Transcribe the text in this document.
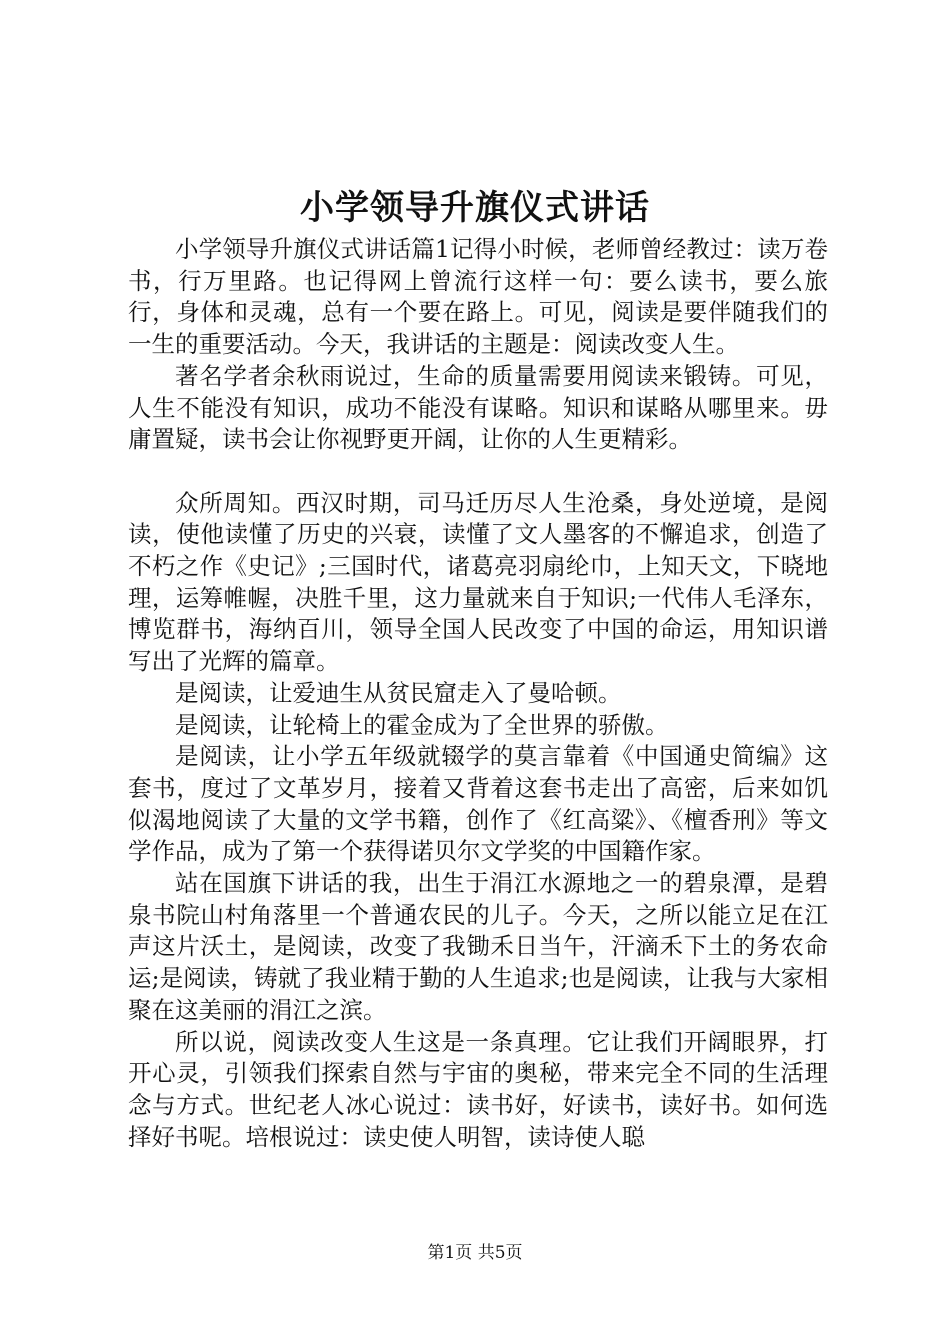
小学领导升旗仪式讲话

小学领导升旗仪式讲话篇1记得小时候，老师曾经教过：读万卷书，行万里路。也记得网上曾流行这样一句：要么读书，要么旅行，身体和灵魂，总有一个要在路上。可见，阅读是要伴随我们的一生的重要活动。今天，我讲话的主题是：阅读改变人生。

著名学者余秋雨说过，生命的质量需要用阅读来锻铸。可见，人生不能没有知识，成功不能没有谋略。知识和谋略从哪里来。毋庸置疑，读书会让你视野更开阔，让你的人生更精彩。

众所周知。西汉时期，司马迁历尽人生沧桑，身处逆境，是阅读，使他读懂了历史的兴衰，读懂了文人墨客的不懈追求，创造了不朽之作《史记》;三国时代，诸葛亮羽扇纶巾，上知天文，下晓地理，运筹帷幄，决胜千里，这力量就来自于知识;一代伟人毛泽东，博览群书，海纳百川，领导全国人民改变了中国的命运，用知识谱写出了光辉的篇章。

是阅读，让爱迪生从贫民窟走入了曼哈顿。

是阅读，让轮椅上的霍金成为了全世界的骄傲。

是阅读，让小学五年级就辍学的莫言靠着《中国通史简编》这套书，度过了文革岁月，接着又背着这套书走出了高密，后来如饥似渴地阅读了大量的文学书籍，创作了《红高粱》、《檀香刑》等文学作品，成为了第一个获得诺贝尔文学奖的中国籍作家。

站在国旗下讲话的我，出生于涓江水源地之一的碧泉潭，是碧泉书院山村角落里一个普通农民的儿子。今天，之所以能立足在江声这片沃土，是阅读，改变了我锄禾日当午，汗滴禾下土的务农命运;是阅读，铸就了我业精于勤的人生追求;也是阅读，让我与大家相聚在这美丽的涓江之滨。

所以说，阅读改变人生这是一条真理。它让我们开阔眼界，打开心灵，引领我们探索自然与宇宙的奥秘，带来完全不同的生活理念与方式。世纪老人冰心说过：读书好，好读书，读好书。如何选择好书呢。培根说过：读史使人明智，读诗使人聪

第1页 共5页
